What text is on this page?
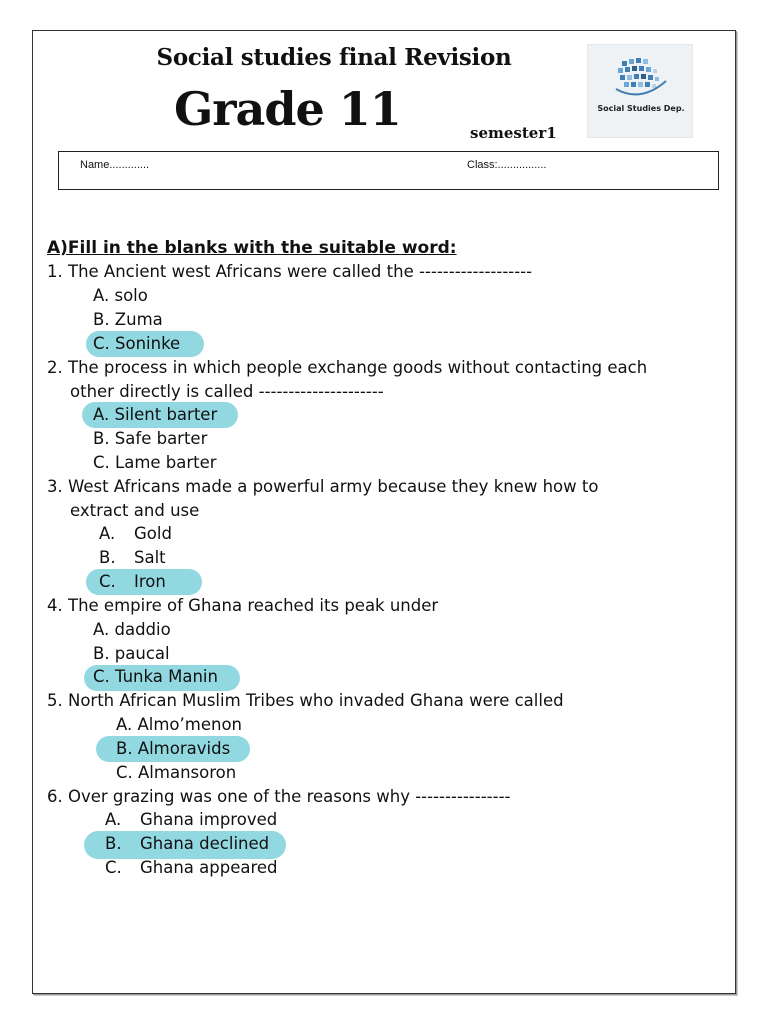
Social studies final Revision
Grade 11	semester1
Social Studies Dep.
Name.............	Class:................
A)Fill in the blanks with the suitable word:
1. The Ancient west Africans were called the -------------------
A. solo
B. Zuma
C. Soninke
2. The process in which people exchange goods without contacting each
other directly is called ---------------------
A. Silent barter
B. Safe barter
C. Lame barter
3. West Africans made a powerful army because they knew how to
extract and use
A. Gold
B. Salt
C. Iron
4. The empire of Ghana reached its peak under
A. daddio
B. paucal
C. Tunka Manin
5. North African Muslim Tribes who invaded Ghana were called
A. Almo’menon
B. Almoravids
C. Almansoron
6. Over grazing was one of the reasons why ----------------
A. Ghana improved
B. Ghana declined
C. Ghana appeared
